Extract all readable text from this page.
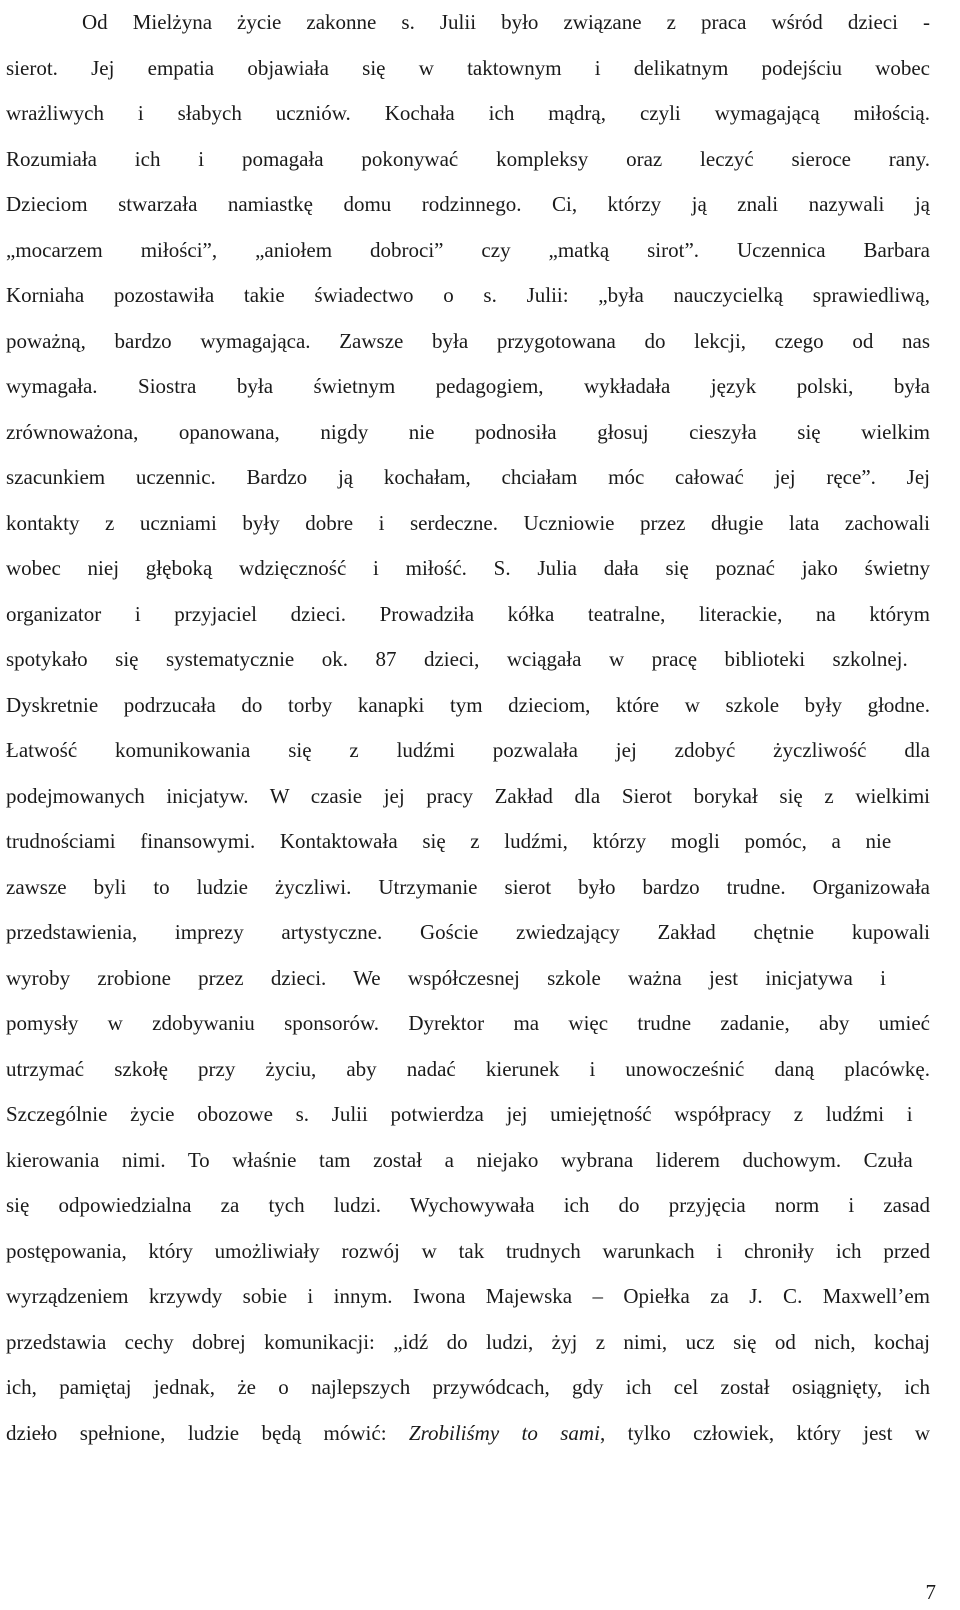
Od Mielżyna życie zakonne s. Julii było związane z praca wśród dzieci -
sierot. Jej empatia objawiała się w taktownym i delikatnym podejściu wobec
wrażliwych i słabych uczniów. Kochała ich mądrą, czyli wymagającą miłością.
Rozumiała ich i pomagała pokonywać kompleksy oraz leczyć sieroce rany.
Dzieciom stwarzała namiastkę domu rodzinnego. Ci, którzy ją znali nazywali ją
„mocarzem miłości”, „aniołem dobroci” czy „matką sirot”. Uczennica Barbara
Korniaha pozostawiła takie świadectwo o s. Julii: „była nauczycielką sprawiedliwą,
poważną, bardzo wymagająca. Zawsze była przygotowana do lekcji, czego od nas
wymagała. Siostra była świetnym pedagogiem, wykładała język polski, była
zrównoważona, opanowana, nigdy nie podnosiła głosuj cieszyła się wielkim
szacunkiem uczennic. Bardzo ją kochałam, chciałam móc całować jej ręce”. Jej
kontakty z uczniami były dobre i serdeczne. Uczniowie przez długie lata zachowali
wobec niej głęboką wdzięczność i miłość. S. Julia dała się poznać jako świetny
organizator i przyjaciel dzieci. Prowadziła kółka teatralne, literackie, na którym
spotykało się systematycznie ok. 87 dzieci, wciągała w pracę biblioteki szkolnej.
Dyskretnie podrzucała do torby kanapki tym dzieciom, które w szkole były głodne.
Łatwość komunikowania się z ludźmi pozwalała jej zdobyć życzliwość dla
podejmowanych inicjatyw. W czasie jej pracy Zakład dla Sierot borykał się z wielkimi
trudnościami finansowymi. Kontaktowała się z ludźmi, którzy mogli pomóc, a nie
zawsze byli to ludzie życzliwi. Utrzymanie sierot było bardzo trudne. Organizowała
przedstawienia, imprezy artystyczne. Goście zwiedzający Zakład chętnie kupowali
wyroby zrobione przez dzieci. We współczesnej szkole ważna jest inicjatywa i
pomysły w zdobywaniu sponsorów. Dyrektor ma więc trudne zadanie, aby umieć
utrzymać szkołę przy życiu, aby nadać kierunek i unowocześnić daną placówkę.
Szczególnie życie obozowe s. Julii potwierdza jej umiejętność współpracy z ludźmi i
kierowania nimi. To właśnie tam został a niejako wybrana liderem duchowym. Czuła
się odpowiedzialna za tych ludzi. Wychowywała ich do przyjęcia norm i zasad
postępowania, który umożliwiały rozwój w tak trudnych warunkach i chroniły ich przed
wyrządzeniem krzywdy sobie i innym. Iwona Majewska – Opiełka za J. C. Maxwell’em
przedstawia cechy dobrej komunikacji: „idź do ludzi, żyj z nimi, ucz się od nich, kochaj
ich, pamiętaj jednak, że o najlepszych przywódcach, gdy ich cel został osiągnięty, ich
dzieło spełnione, ludzie będą mówić: Zrobiliśmy to sami, tylko człowiek, który jest w
7
